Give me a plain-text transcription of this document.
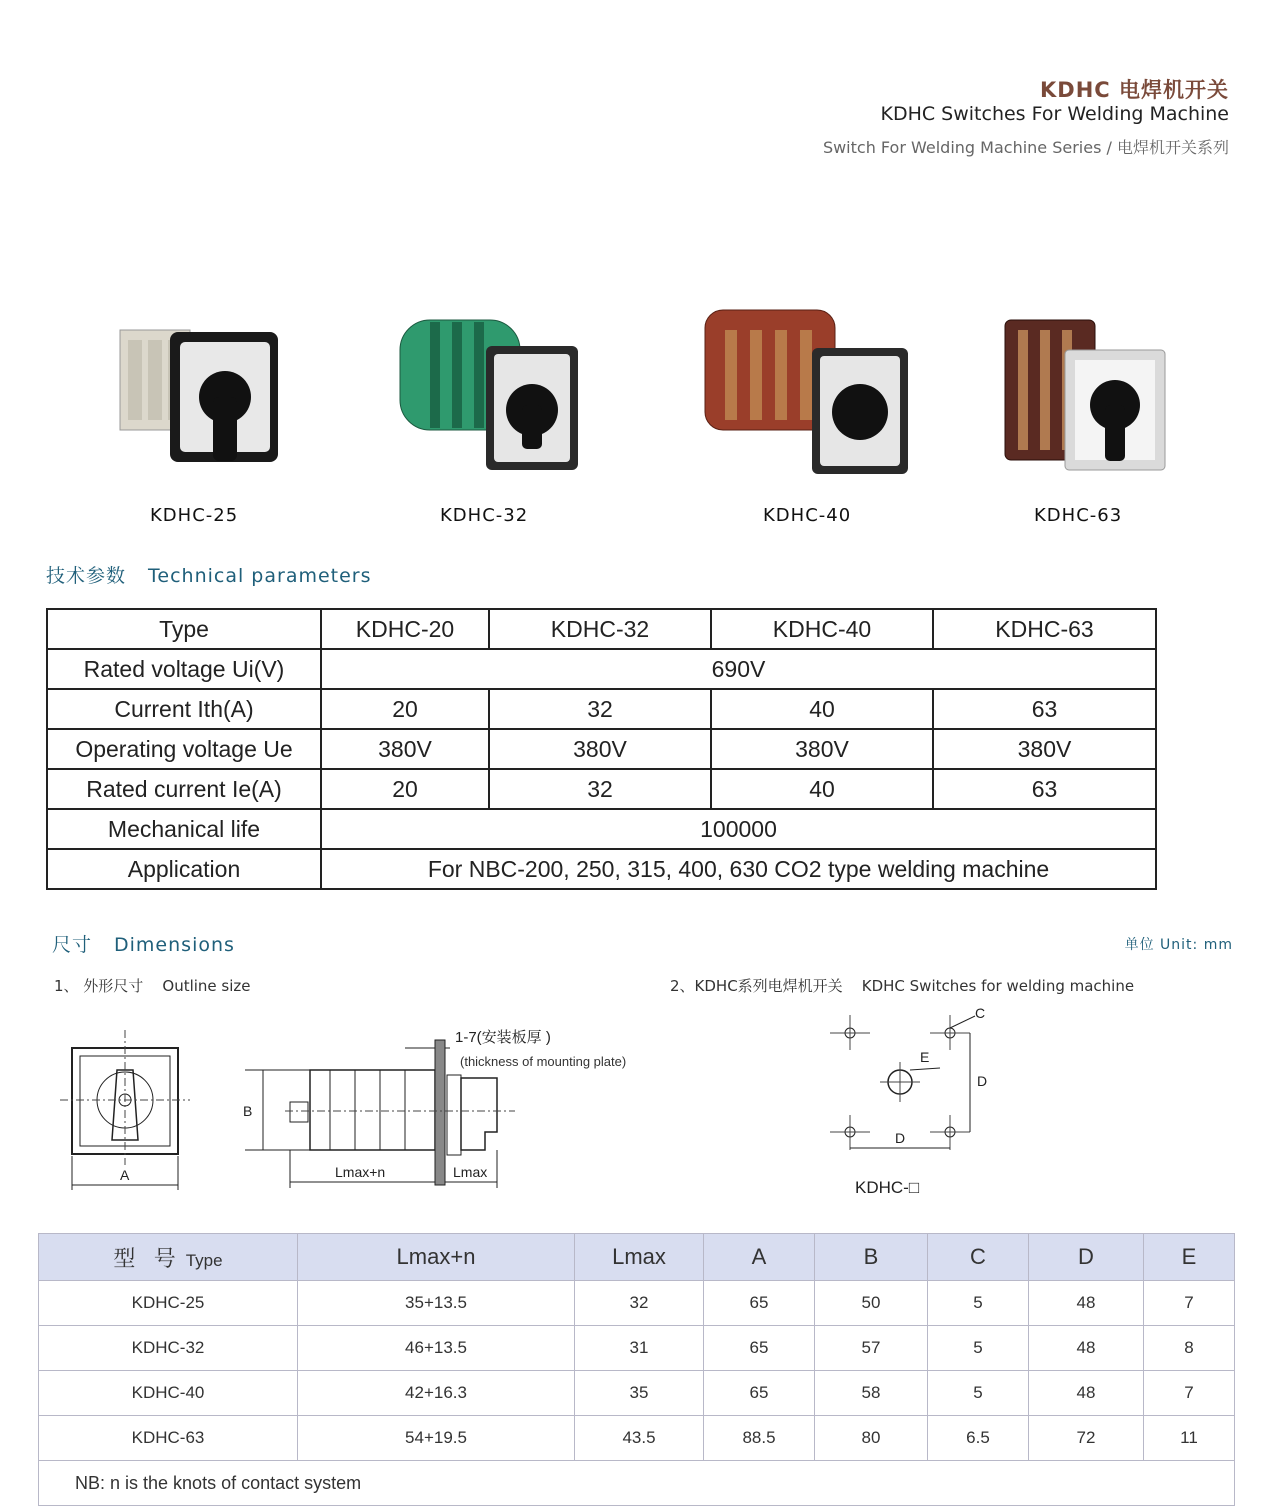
KDHC 电焊机开关
KDHC Switches For Welding Machine
Switch For Welding Machine Series / 电焊机开关系列
KDHC-25	KDHC-32	KDHC-40	KDHC-63
技术参数 Technical parameters
Type	KDHC-20	KDHC-32	KDHC-40	KDHC-63
Rated voltage Ui(V)	690V			
Current Ith(A)	20	32	40	63
Operating voltage Ue	380V	380V	380V	380V
Rated current Ie(A)	20	32	40	63
Mechanical life	100000			
Application	For NBC-200, 250, 315, 400, 630 CO2 type welding machine			
尺寸 Dimensions	单位 Unit: mm
1、 外形尺寸    Outline size	2、KDHC系列电焊机开关    KDHC Switches for welding machine
A
1-7(安装板厚 )
(thickness of mounting plate)
B
Lmax+n	Lmax
C
E
D
D
KDHC-□
型   号 Type	Lmax+n	Lmax	A	B	C	D	E
KDHC-25	35+13.5	32	65	50	5	48	7
KDHC-32	46+13.5	31	65	57	5	48	8
KDHC-40	42+16.3	35	65	58	5	48	7
KDHC-63	54+19.5	43.5	88.5	80	6.5	72	11
NB: n is the knots of contact system							
